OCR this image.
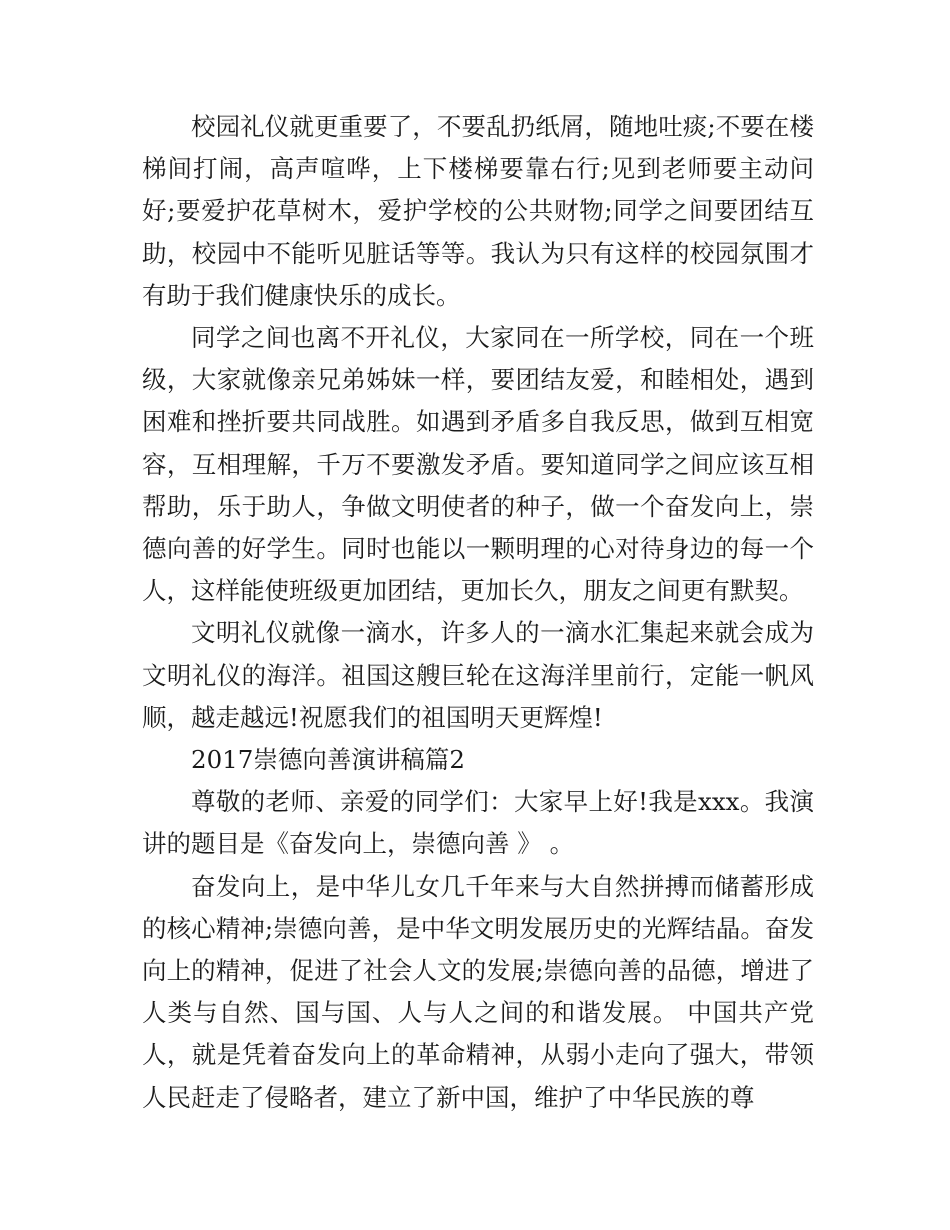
校园礼仪就更重要了，不要乱扔纸屑，随地吐痰;不要在楼梯间打闹，高声喧哗，上下楼梯要靠右行;见到老师要主动问好;要爱护花草树木，爱护学校的公共财物;同学之间要团结互助，校园中不能听见脏话等等。我认为只有这样的校园氛围才有助于我们健康快乐的成长。

同学之间也离不开礼仪，大家同在一所学校，同在一个班级，大家就像亲兄弟姊妹一样，要团结友爱，和睦相处，遇到困难和挫折要共同战胜。如遇到矛盾多自我反思，做到互相宽容，互相理解，千万不要激发矛盾。要知道同学之间应该互相帮助，乐于助人，争做文明使者的种子，做一个奋发向上，崇德向善的好学生。同时也能以一颗明理的心对待身边的每一个人，这样能使班级更加团结，更加长久，朋友之间更有默契。

文明礼仪就像一滴水，许多人的一滴水汇集起来就会成为文明礼仪的海洋。祖国这艘巨轮在这海洋里前行，定能一帆风顺，越走越远!祝愿我们的祖国明天更辉煌!

2017崇德向善演讲稿篇2

尊敬的老师、亲爱的同学们：大家早上好!我是xxx。我演讲的题目是《奋发向上，崇德向善 》 。

奋发向上，是中华儿女几千年来与大自然拼搏而储蓄形成的核心精神;崇德向善，是中华文明发展历史的光辉结晶。奋发向上的精神，促进了社会人文的发展;崇德向善的品德，增进了人类与自然、国与国、人与人之间的和谐发展。 中国共产党人，就是凭着奋发向上的革命精神，从弱小走向了强大，带领人民赶走了侵略者，建立了新中国，维护了中华民族的尊
